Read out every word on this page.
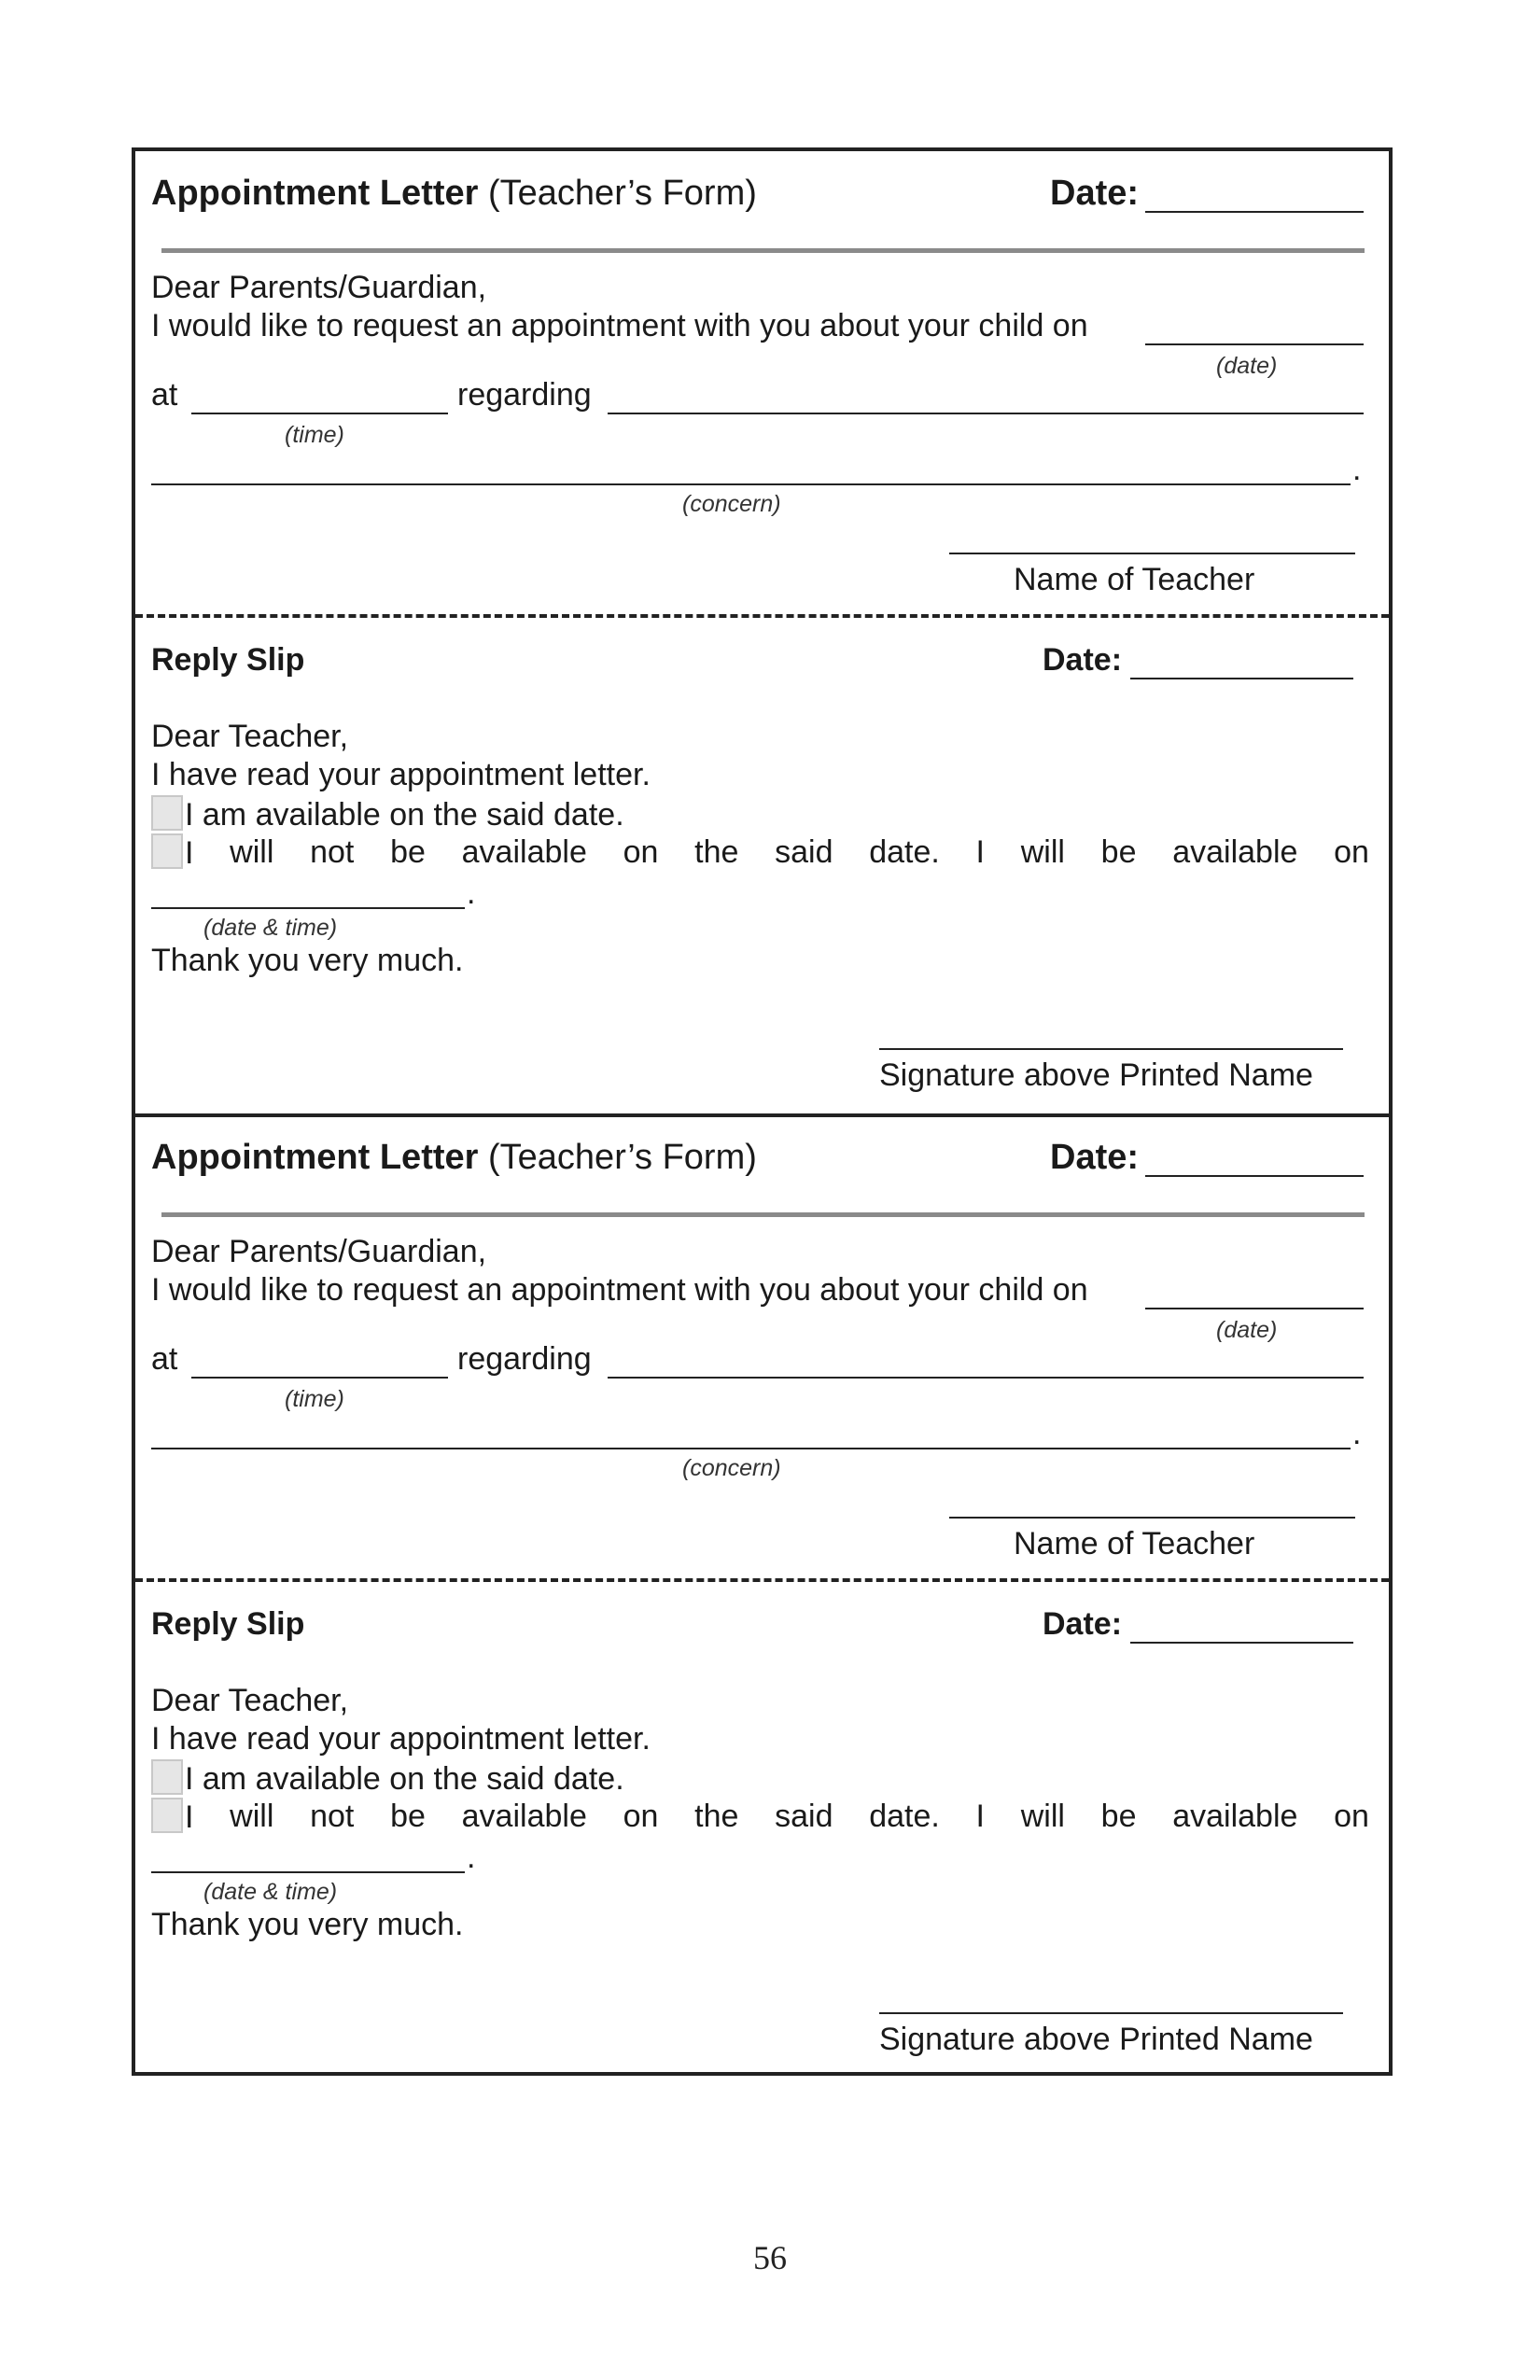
Appointment Letter (Teacher’s Form)	Date:
Dear Parents/Guardian,
I would like to request an appointment with you about your child on
(date)
at	regarding
(time)
.
(concern)
Name of Teacher
Reply Slip	Date:
Dear Teacher,
I have read your appointment letter.
I am available on the said date.
I will not be available on the said date. I will be available on
.
(date & time)
Thank you very much.
Signature above Printed Name
Appointment Letter (Teacher’s Form)	Date:
Dear Parents/Guardian,
I would like to request an appointment with you about your child on
(date)
at	regarding
(time)
.
(concern)
Name of Teacher
Reply Slip	Date:
Dear Teacher,
I have read your appointment letter.
I am available on the said date.
I will not be available on the said date. I will be available on
.
(date & time)
Thank you very much.
Signature above Printed Name
56
